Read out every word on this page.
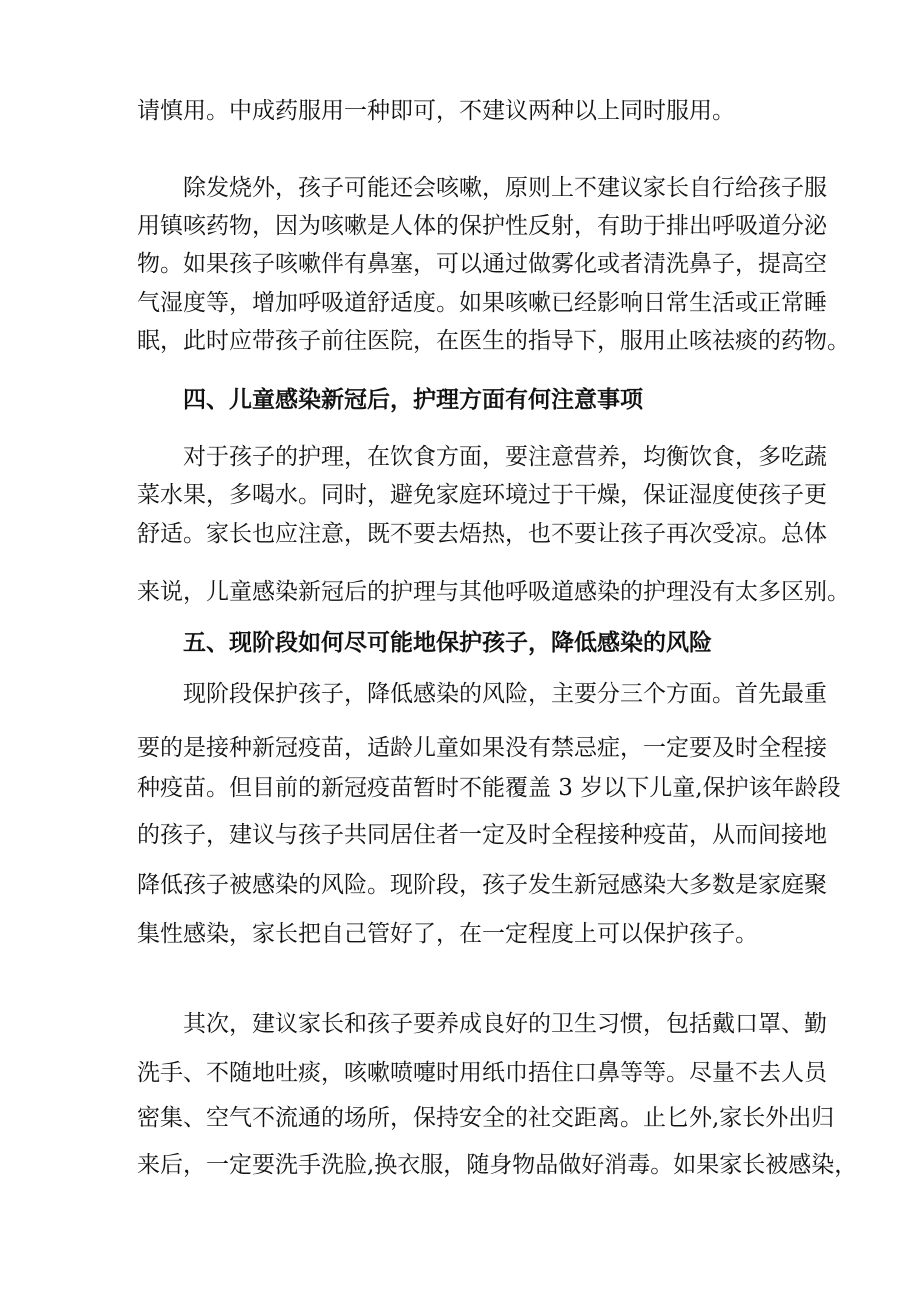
请慎用。中成药服用一种即可，不建议两种以上同时服用。

除发烧外，孩子可能还会咳嗽，原则上不建议家长自行给孩子服

用镇咳药物，因为咳嗽是人体的保护性反射，有助于排出呼吸道分泌

物。如果孩子咳嗽伴有鼻塞，可以通过做雾化或者清洗鼻子，提高空

气湿度等，增加呼吸道舒适度。如果咳嗽已经影响日常生活或正常睡

眠，此时应带孩子前往医院，在医生的指导下，服用止咳祛痰的药物。

四、儿童感染新冠后，护理方面有何注意事项

对于孩子的护理，在饮食方面，要注意营养，均衡饮食，多吃蔬

菜水果，多喝水。同时，避免家庭环境过于干燥，保证湿度使孩子更

舒适。家长也应注意，既不要去焐热，也不要让孩子再次受凉。总体

来说，儿童感染新冠后的护理与其他呼吸道感染的护理没有太多区别。

五、现阶段如何尽可能地保护孩子，降低感染的风险

现阶段保护孩子，降低感染的风险，主要分三个方面。首先最重

要的是接种新冠疫苗，适龄儿童如果没有禁忌症，一定要及时全程接

种疫苗。但目前的新冠疫苗暂时不能覆盖 3 岁以下儿童,保护该年龄段

的孩子，建议与孩子共同居住者一定及时全程接种疫苗，从而间接地

降低孩子被感染的风险。现阶段，孩子发生新冠感染大多数是家庭聚

集性感染，家长把自己管好了，在一定程度上可以保护孩子。

其次，建议家长和孩子要养成良好的卫生习惯，包括戴口罩、勤

洗手、不随地吐痰，咳嗽喷嚏时用纸巾捂住口鼻等等。尽量不去人员

密集、空气不流通的场所，保持安全的社交距离。止匕外,家长外出归

来后，一定要洗手洗脸,换衣服，随身物品做好消毒。如果家长被感染，
